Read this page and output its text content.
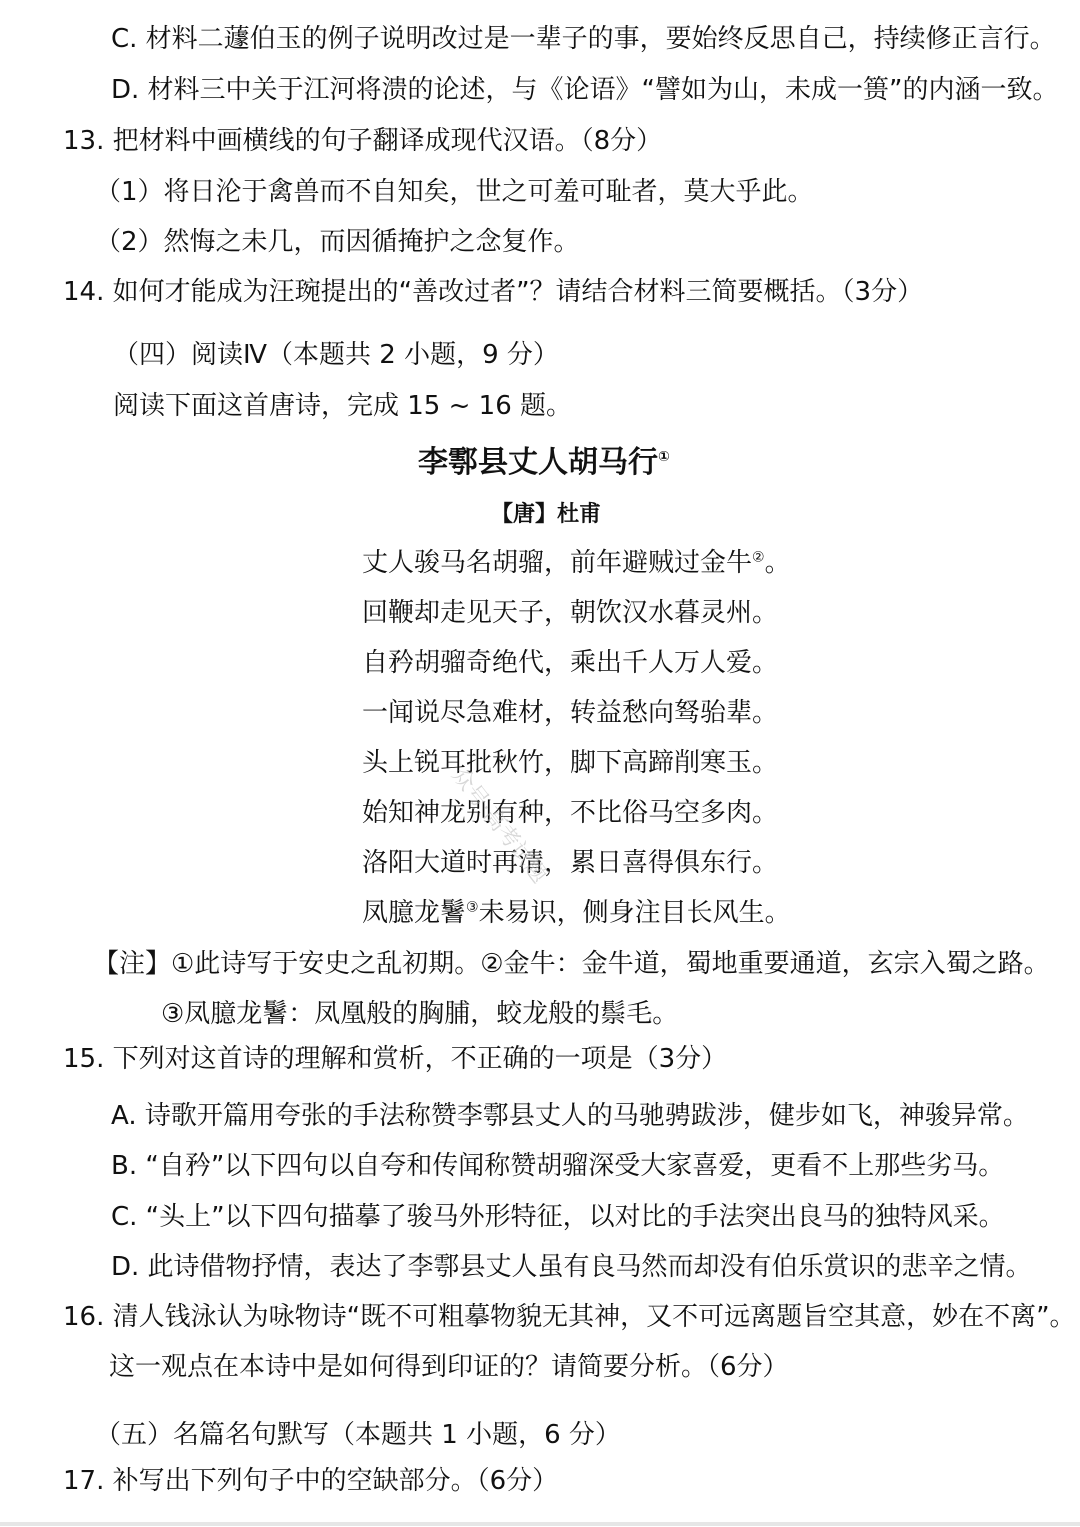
C. 材料二蘧伯玉的例子说明改过是一辈子的事，要始终反思自己，持续修正言行。
D. 材料三中关于江河将溃的论述，与《论语》“譬如为山，未成一篑”的内涵一致。
13. 把材料中画横线的句子翻译成现代汉语。（8分）
（1）将日沦于禽兽而不自知矣，世之可羞可耻者，莫大乎此。
（2）然悔之未几，而因循掩护之念复作。
14. 如何才能成为汪琬提出的“善改过者”？请结合材料三简要概括。（3分）
（四）阅读Ⅳ（本题共 2 小题，9 分）
阅读下面这首唐诗，完成 15 ~ 16 题。
李鄠县丈人胡马行①
【唐】杜甫
丈人骏马名胡骝，前年避贼过金牛②。
回鞭却走见天子，朝饮汉水暮灵州。
自矜胡骝奇绝代，乘出千人万人爱。
一闻说尽急难材，转益愁向驽骀辈。
头上锐耳批秋竹，脚下高蹄削寒玉。
始知神龙别有种，不比俗马空多肉。
洛阳大道时再清，累日喜得俱东行。
凤臆龙鬐③未易识，侧身注目长风生。
【注】①此诗写于安史之乱初期。②金牛：金牛道，蜀地重要通道，玄宗入蜀之路。
③凤臆龙鬐：凤凰般的胸脯，蛟龙般的鬃毛。
15. 下列对这首诗的理解和赏析，不正确的一项是（3分）
A. 诗歌开篇用夸张的手法称赞李鄠县丈人的马驰骋跋涉，健步如飞，神骏异常。
B. “自矜”以下四句以自夸和传闻称赞胡骝深受大家喜爱，更看不上那些劣马。
C. “头上”以下四句描摹了骏马外形特征，以对比的手法突出良马的独特风采。
D. 此诗借物抒情，表达了李鄠县丈人虽有良马然而却没有伯乐赏识的悲辛之情。
16. 清人钱泳认为咏物诗“既不可粗摹物貌无其神，又不可远离题旨空其意，妙在不离”。
这一观点在本诗中是如何得到印证的？请简要分析。（6分）
（五）名篇名句默写（本题共 1 小题，6 分）
17. 补写出下列句子中的空缺部分。（6分）
众号·高考试题
